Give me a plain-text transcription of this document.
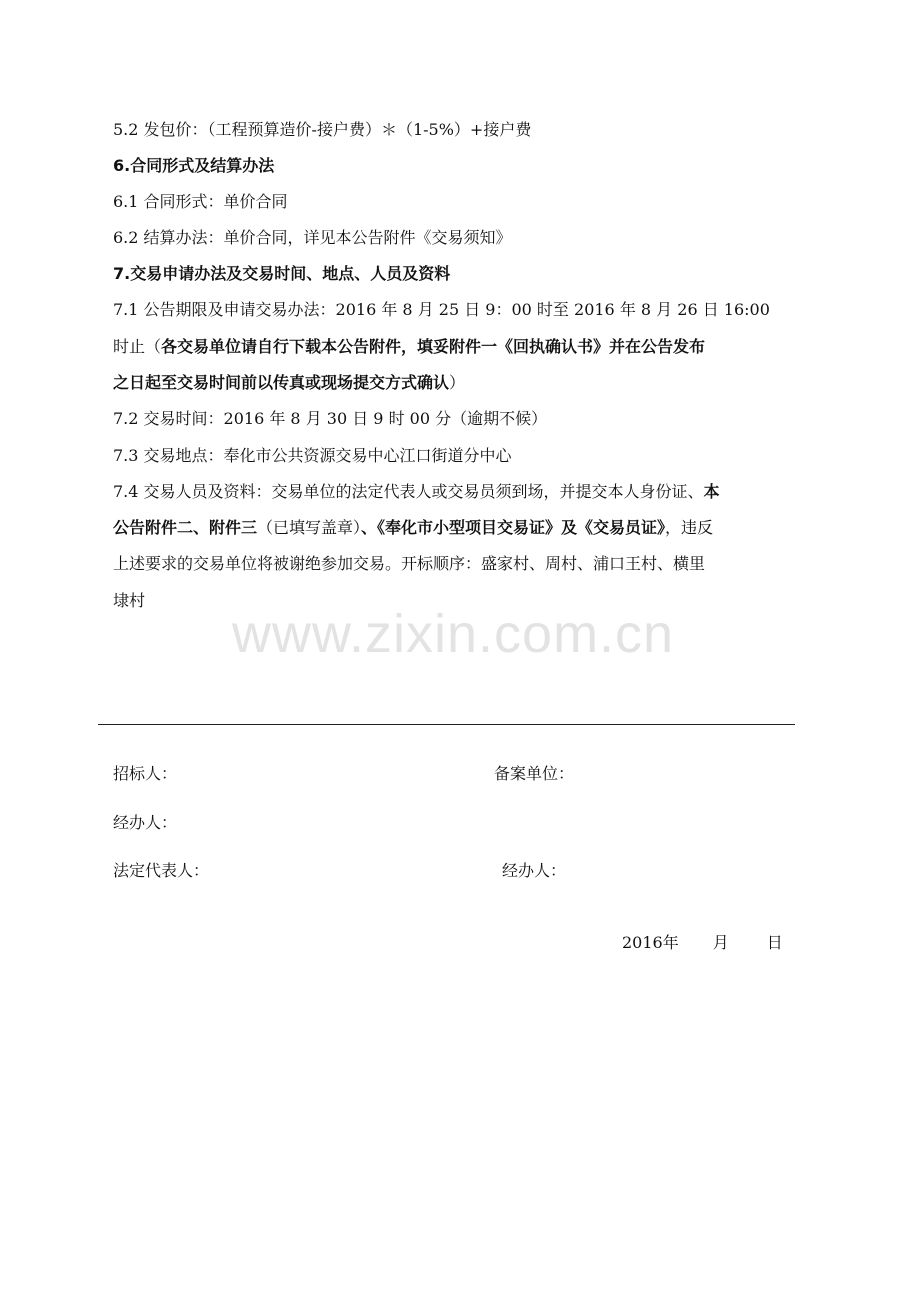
5.2 发包价：（工程预算造价-接户费）＊（1-5%）+接户费
6.合同形式及结算办法
6.1 合同形式：单价合同
6.2 结算办法：单价合同，详见本公告附件《交易须知》
7.交易申请办法及交易时间、地点、人员及资料
7.1 公告期限及申请交易办法：2016 年 8 月 25 日 9：00 时至 2016 年 8 月 26 日 16:00
时止（各交易单位请自行下载本公告附件，填妥附件一《回执确认书》并在公告发布
之日起至交易时间前以传真或现场提交方式确认）
7.2 交易时间：2016 年 8 月 30 日 9 时 00 分（逾期不候）
7.3 交易地点：奉化市公共资源交易中心江口街道分中心
7.4 交易人员及资料：交易单位的法定代表人或交易员须到场，并提交本人身份证、本
公告附件二、附件三（已填写盖章）、《奉化市小型项目交易证》及《交易员证》，违反
上述要求的交易单位将被谢绝参加交易。开标顺序：盛家村、周村、浦口王村、横里
埭村
www.zixin.com.cn
招标人：	备案单位：
经办人：
法定代表人：	经办人：
2016年 月 日
